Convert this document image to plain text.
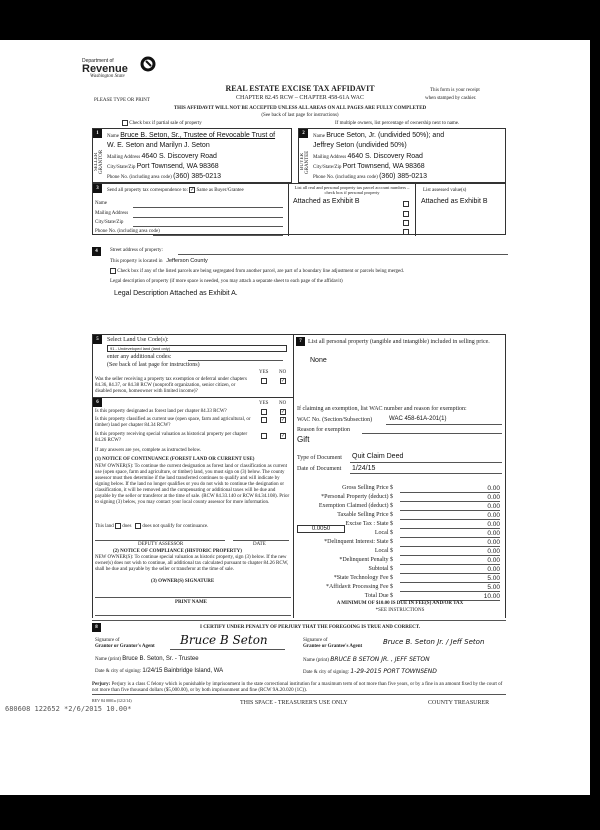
Department of
Revenue
Washington State
REAL ESTATE EXCISE TAX AFFIDAVIT
CHAPTER 82.45 RCW – CHAPTER 458-61A WAC
PLEASE TYPE OR PRINT
This form is your receipt
when stamped by cashier.
THIS AFFIDAVIT WILL NOT BE ACCEPTED UNLESS ALL AREAS ON ALL PAGES ARE FULLY COMPLETED
(See back of last page for instructions)
Check box if partial sale of property	If multiple owners, list percentage of ownership next to name.
1
SELLER GRANTOR
Name Bruce B. Seton, Sr., Trustee of Revocable Trust of
W. E. Seton and Marilyn J. Seton
Mailing Address 4640 S. Discovery Road
City/State/Zip Port Townsend, WA 98368
Phone No. (including area code) (360) 385-0213
2
BUYER GRANTEE
Name Bruce Seton, Jr. (undivided 50%); and
Jeffrey Seton (undivided 50%)
Mailing Address 4640 S. Discovery Road
City/State/Zip Port Townsend, WA 98368
Phone No. (including area code) (360) 385-0213
3	Send all property tax correspondence to: ✓ Same as Buyer/Grantee
Name
Mailing Address
City/State/Zip
Phone No. (including area code)
List all real and personal property tax parcel account numbers – check box if personal property
Attached as Exhibit B

List assessed value(s)
Attached as Exhibit B
4	Street address of property:
This property is located in Jefferson County
Check box if any of the listed parcels are being segregated from another parcel, are part of a boundary line adjustment or parcels being merged.
Legal description of property (if more space is needed, you may attach a separate sheet to each page of the affidavit)
Legal Description Attached as Exhibit A.
5	Select Land Use Code(s):
91 - Undeveloped land (land only)
enter any additional codes:
(See back of last page for instructions)
YES NO
Was the seller receiving a property tax exemption or deferral under chapters 84.36, 84.37, or 84.38 RCW (nonprofit organization, senior citizen, or disabled person, homeowner with limited income)?
✓
6	YES NO
Is this property designated as forest land per chapter 84.33 RCW?	✓
Is this property classified as current use (open space, farm and agricultural, or timber) land per chapter 84.34 RCW?
✓
Is this property receiving special valuation as historical property per chapter 84.26 RCW?
✓
If any answers are yes, complete as instructed below.
(1) NOTICE OF CONTINUANCE (FOREST LAND OR CURRENT USE)
NEW OWNER(S): To continue the current designation as forest land or classification as current use (open space, farm and agriculture, or timber) land, you must sign on (3) below. The county assessor must then determine if the land transferred continues to qualify and will indicate by signing below. If the land no longer qualifies or you do not wish to continue the designation or classification, it will be removed and the compensating or additional taxes will be due and payable by the seller or transferor at the time of sale. (RCW 84.33.140 or RCW 84.34.108). Prior to signing (3) below, you may contact your local county assessor for more information.
This land does does not qualify for continuance.
DEPUTY ASSESSOR	DATE
(2) NOTICE OF COMPLIANCE (HISTORIC PROPERTY)
NEW OWNER(S): To continue special valuation as historic property, sign (3) below. If the new owner(s) does not wish to continue, all additional tax calculated pursuant to chapter 84.26 RCW, shall be due and payable by the seller or transferor at the time of sale.
(3) OWNER(S) SIGNATURE
PRINT NAME
7	List all personal property (tangible and intangible) included in selling price.
None
If claiming an exemption, list WAC number and reason for exemption:
WAC No. (Section/Subsection)	WAC 458-61A-201(1)
Reason for exemption
Gift
Type of Document Quit Claim Deed
Date of Document 1/24/15
0.0050
Gross Selling Price $	0.00
*Personal Property (deduct) $	0.00
Exemption Claimed (deduct) $	0.00
Taxable Selling Price $	0.00
Excise Tax : State $	0.00
Local $	0.00
*Delinquent Interest: State $	0.00
Local $	0.00
*Delinquent Penalty $	0.00
Subtotal $	0.00
*State Technology Fee $	5.00
*Affidavit Processing Fee $	5.00
Total Due $	10.00
A MINIMUM OF $10.00 IS DUE IN FEE(S) AND/OR TAX
*SEE INSTRUCTIONS
8	I CERTIFY UNDER PENALTY OF PERJURY THAT THE FOREGOING IS TRUE AND CORRECT.
Signature of
Grantor or Grantor's Agent Bruce B Seton
Name (print) Bruce B. Seton, Sr. - Trustee
Date & city of signing: 1/24/15 Bainbridge Island, WA
Signature of
Grantee or Grantee's Agent
Bruce B. Seton Jr. / Jeff Seton
Name (print) BRUCE B SETON JR. , JEFF SETON
Date & city of signing: 1-29-2015 PORT TOWNSEND
Perjury: Perjury is a class C felony which is punishable by imprisonment in the state correctional institution for a maximum term of not more than five years, or by a fine in an amount fixed by the court of not more than five thousand dollars ($5,000.00), or by both imprisonment and fine (RCW 9A.20.020 (1C)).
REV 84 0001a (12/2/14)	THIS SPACE - TREASURER'S USE ONLY	COUNTY TREASURER
680608 122652 *2/6/2015 10.00*
